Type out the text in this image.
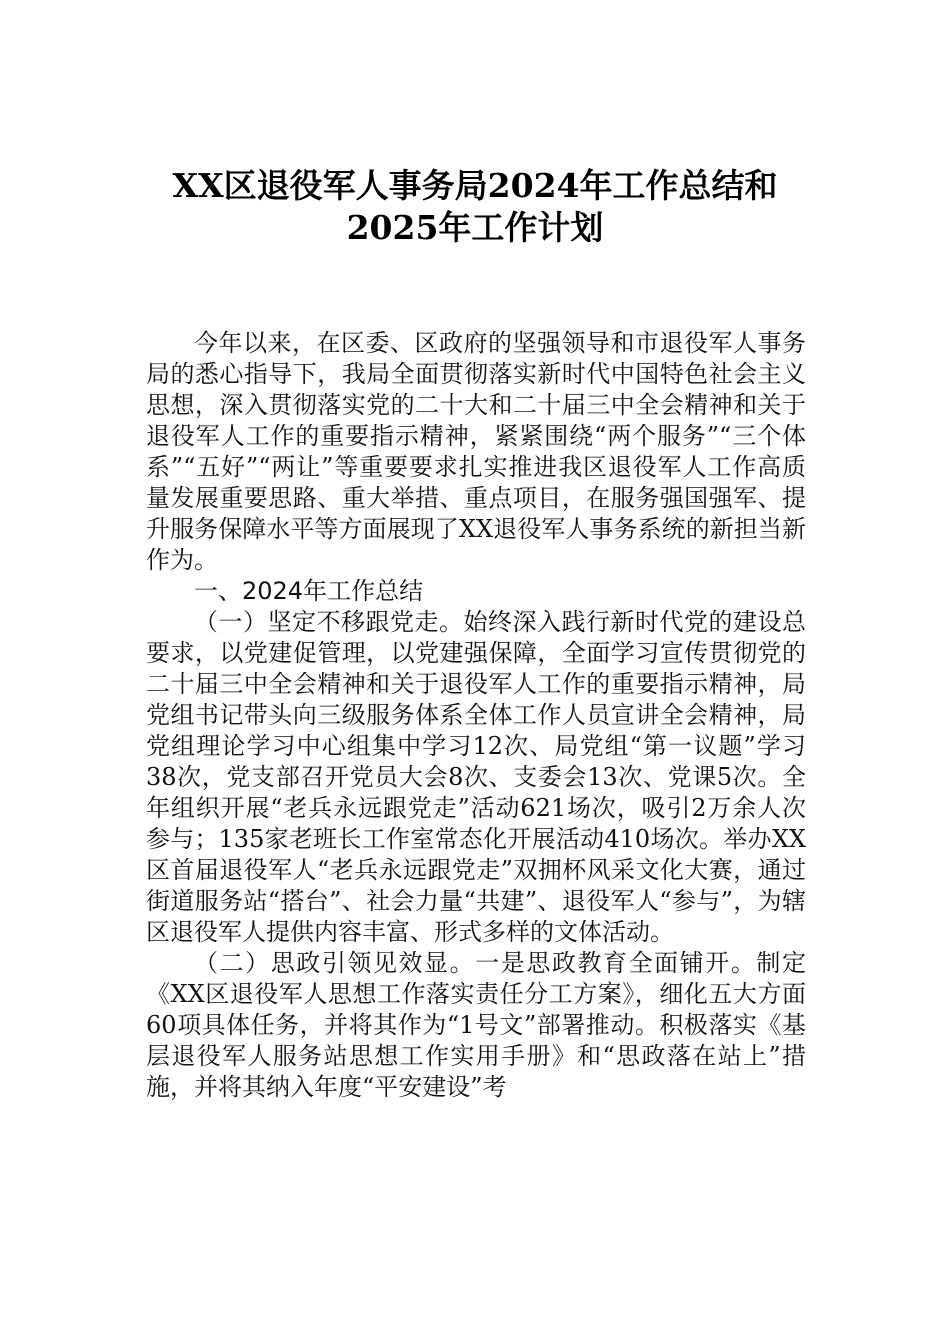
XX区退役军人事务局2024年工作总结和
2025年工作计划

今年以来，在区委、区政府的坚强领导和市退役军人事务局的悉心指导下，我局全面贯彻落实新时代中国特色社会主义思想，深入贯彻落实党的二十大和二十届三中全会精神和关于退役军人工作的重要指示精神，紧紧围绕“两个服务”“三个体系”“五好”“两让”等重要要求扎实推进我区退役军人工作高质量发展重要思路、重大举措、重点项目，在服务强国强军、提升服务保障水平等方面展现了XX退役军人事务系统的新担当新作为。

一、2024年工作总结

（一）坚定不移跟党走。始终深入践行新时代党的建设总要求，以党建促管理，以党建强保障，全面学习宣传贯彻党的二十届三中全会精神和关于退役军人工作的重要指示精神，局党组书记带头向三级服务体系全体工作人员宣讲全会精神，局党组理论学习中心组集中学习12次、局党组“第一议题”学习38次，党支部召开党员大会8次、支委会13次、党课5次。全年组织开展“老兵永远跟党走”活动621场次，吸引2万余人次参与；135家老班长工作室常态化开展活动410场次。举办XX区首届退役军人“老兵永远跟党走”双拥杯风采文化大赛，通过街道服务站“搭台”、社会力量“共建”、退役军人“参与”，为辖区退役军人提供内容丰富、形式多样的文体活动。

（二）思政引领见效显。一是思政教育全面铺开。制定《XX区退役军人思想工作落实责任分工方案》，细化五大方面60项具体任务，并将其作为“1号文”部署推动。积极落实《基层退役军人服务站思想工作实用手册》和“思政落在站上”措施，并将其纳入年度“平安建设”考
